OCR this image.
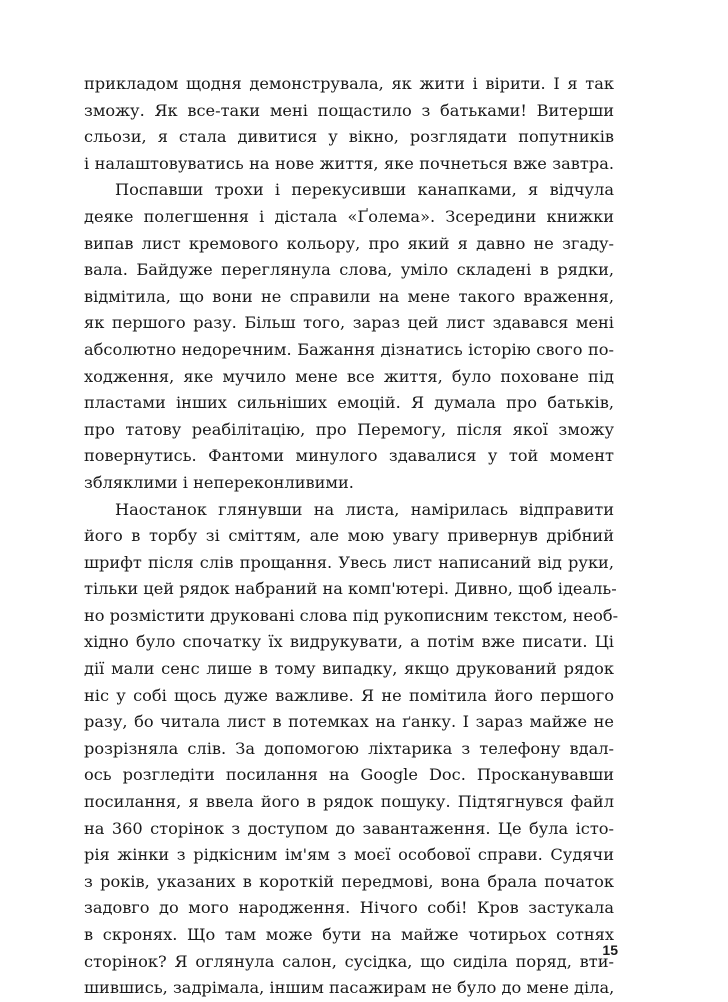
прикладом щодня демонструвала, як жити і вірити. І я так
зможу. Як все-таки мені пощастило з батьками! Витерши
сльози, я стала дивитися у вікно, розглядати попутників
і налаштовуватись на нове життя, яке почнеться вже завтра.
Поспавши трохи і перекусивши канапками, я відчула
деяке полегшення і дістала «Ґолема». Зсередини книжки
випав лист кремового кольору, про який я давно не згаду-
вала. Байдуже переглянула слова, уміло складені в рядки,
відмітила, що вони не справили на мене такого враження,
як першого разу. Більш того, зараз цей лист здавався мені
абсолютно недоречним. Бажання дізнатись історію свого по-
ходження, яке мучило мене все життя, було поховане під
пластами інших сильніших емоцій. Я думала про батьків,
про татову реабілітацію, про Перемогу, після якої зможу
повернутись. Фантоми минулого здавалися у той момент
збляклими і непереконливими.
Наостанок глянувши на листа, намірилась відправити
його в торбу зі сміттям, але мою увагу привернув дрібний
шрифт після слів прощання. Увесь лист написаний від руки,
тільки цей рядок набраний на комп'ютері. Дивно, щоб ідеаль-
но розмістити друковані слова під рукописним текстом, необ-
хідно було спочатку їх видрукувати, а потім вже писати. Ці
дії мали сенс лише в тому випадку, якщо друкований рядок
ніс у собі щось дуже важливе. Я не помітила його першого
разу, бо читала лист в потемках на ґанку. І зараз майже не
розрізняла слів. За допомогою ліхтарика з телефону вдал-
ось розгледіти посилання на Google Doc. Просканувавши
посилання, я ввела його в рядок пошуку. Підтягнувся файл
на 360 сторінок з доступом до завантаження. Це була істо-
рія жінки з рідкісним ім'ям з моєї особової справи. Судячи
з років, указаних в короткій передмові, вона брала початок
задовго до мого народження. Нічого собі! Кров застукала
в скронях. Що там може бути на майже чотирьох сотнях
сторінок? Я оглянула салон, сусідка, що сиділа поряд, вти-
шившись, задрімала, іншим пасажирам не було до мене діла,
15
